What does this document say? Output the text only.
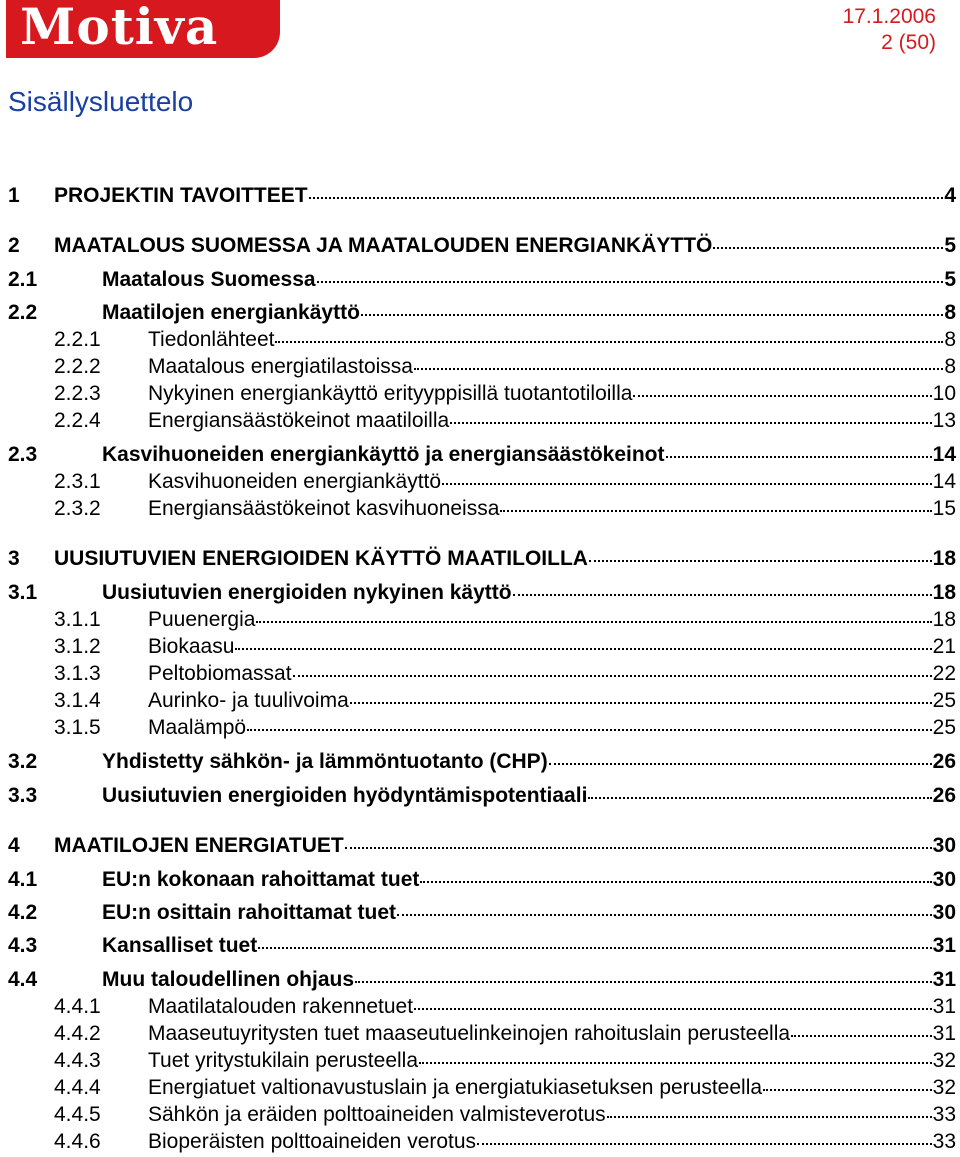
Motiva	17.1.2006
2 (50)
Sisällysluettelo
1	PROJEKTIN TAVOITTEET	4
2	MAATALOUS SUOMESSA JA MAATALOUDEN ENERGIANKÄYTTÖ	5
2.1	Maatalous Suomessa	5
2.2	Maatilojen energiankäyttö	8
2.2.1	Tiedonlähteet	8
2.2.2	Maatalous energiatilastoissa	8
2.2.3	Nykyinen energiankäyttö erityyppisillä tuotantotiloilla	10
2.2.4	Energiansäästökeinot maatiloilla	13
2.3	Kasvihuoneiden energiankäyttö ja energiansäästökeinot	14
2.3.1	Kasvihuoneiden energiankäyttö	14
2.3.2	Energiansäästökeinot kasvihuoneissa	15
3	UUSIUTUVIEN ENERGIOIDEN KÄYTTÖ MAATILOILLA	18
3.1	Uusiutuvien energioiden nykyinen käyttö	18
3.1.1	Puuenergia	18
3.1.2	Biokaasu	21
3.1.3	Peltobiomassat	22
3.1.4	Aurinko- ja tuulivoima	25
3.1.5	Maalämpö	25
3.2	Yhdistetty sähkön- ja lämmöntuotanto (CHP)	26
3.3	Uusiutuvien energioiden hyödyntämispotentiaali	26
4	MAATILOJEN ENERGIATUET	30
4.1	EU:n kokonaan rahoittamat tuet	30
4.2	EU:n osittain rahoittamat tuet	30
4.3	Kansalliset tuet	31
4.4	Muu taloudellinen ohjaus	31
4.4.1	Maatilatalouden rakennetuet	31
4.4.2	Maaseutuyritysten tuet maaseutuelinkeinojen rahoituslain perusteella	31
4.4.3	Tuet yritystukilain perusteella	32
4.4.4	Energiatuet valtionavustuslain ja energiatukiasetuksen perusteella	32
4.4.5	Sähkön ja eräiden polttoaineiden valmisteverotus	33
4.4.6	Bioperäisten polttoaineiden verotus	33
